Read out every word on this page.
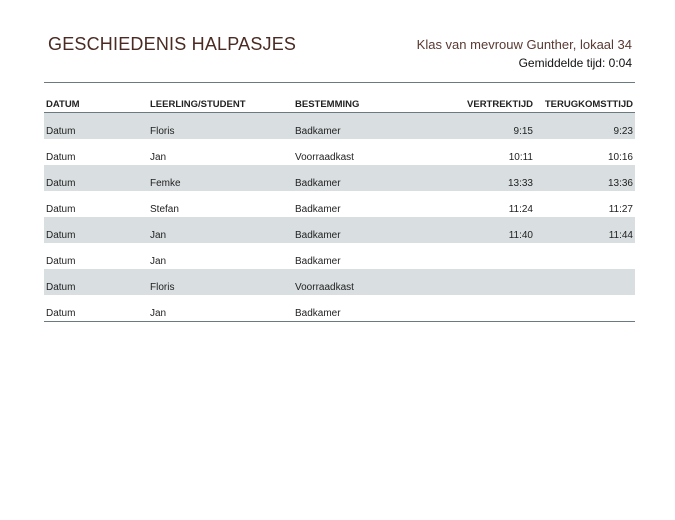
GESCHIEDENIS HALPASJES	Klas van mevrouw Gunther, lokaal 34
Gemiddelde tijd: 0:04
DATUM	LEERLING/STUDENT	BESTEMMING	VERTREKTIJD	TERUGKOMSTTIJD
Datum	Floris	Badkamer	9:15	9:23
Datum	Jan	Voorraadkast	10:11	10:16
Datum	Femke	Badkamer	13:33	13:36
Datum	Stefan	Badkamer	11:24	11:27
Datum	Jan	Badkamer	11:40	11:44
Datum	Jan	Badkamer		
Datum	Floris	Voorraadkast		
Datum	Jan	Badkamer		
